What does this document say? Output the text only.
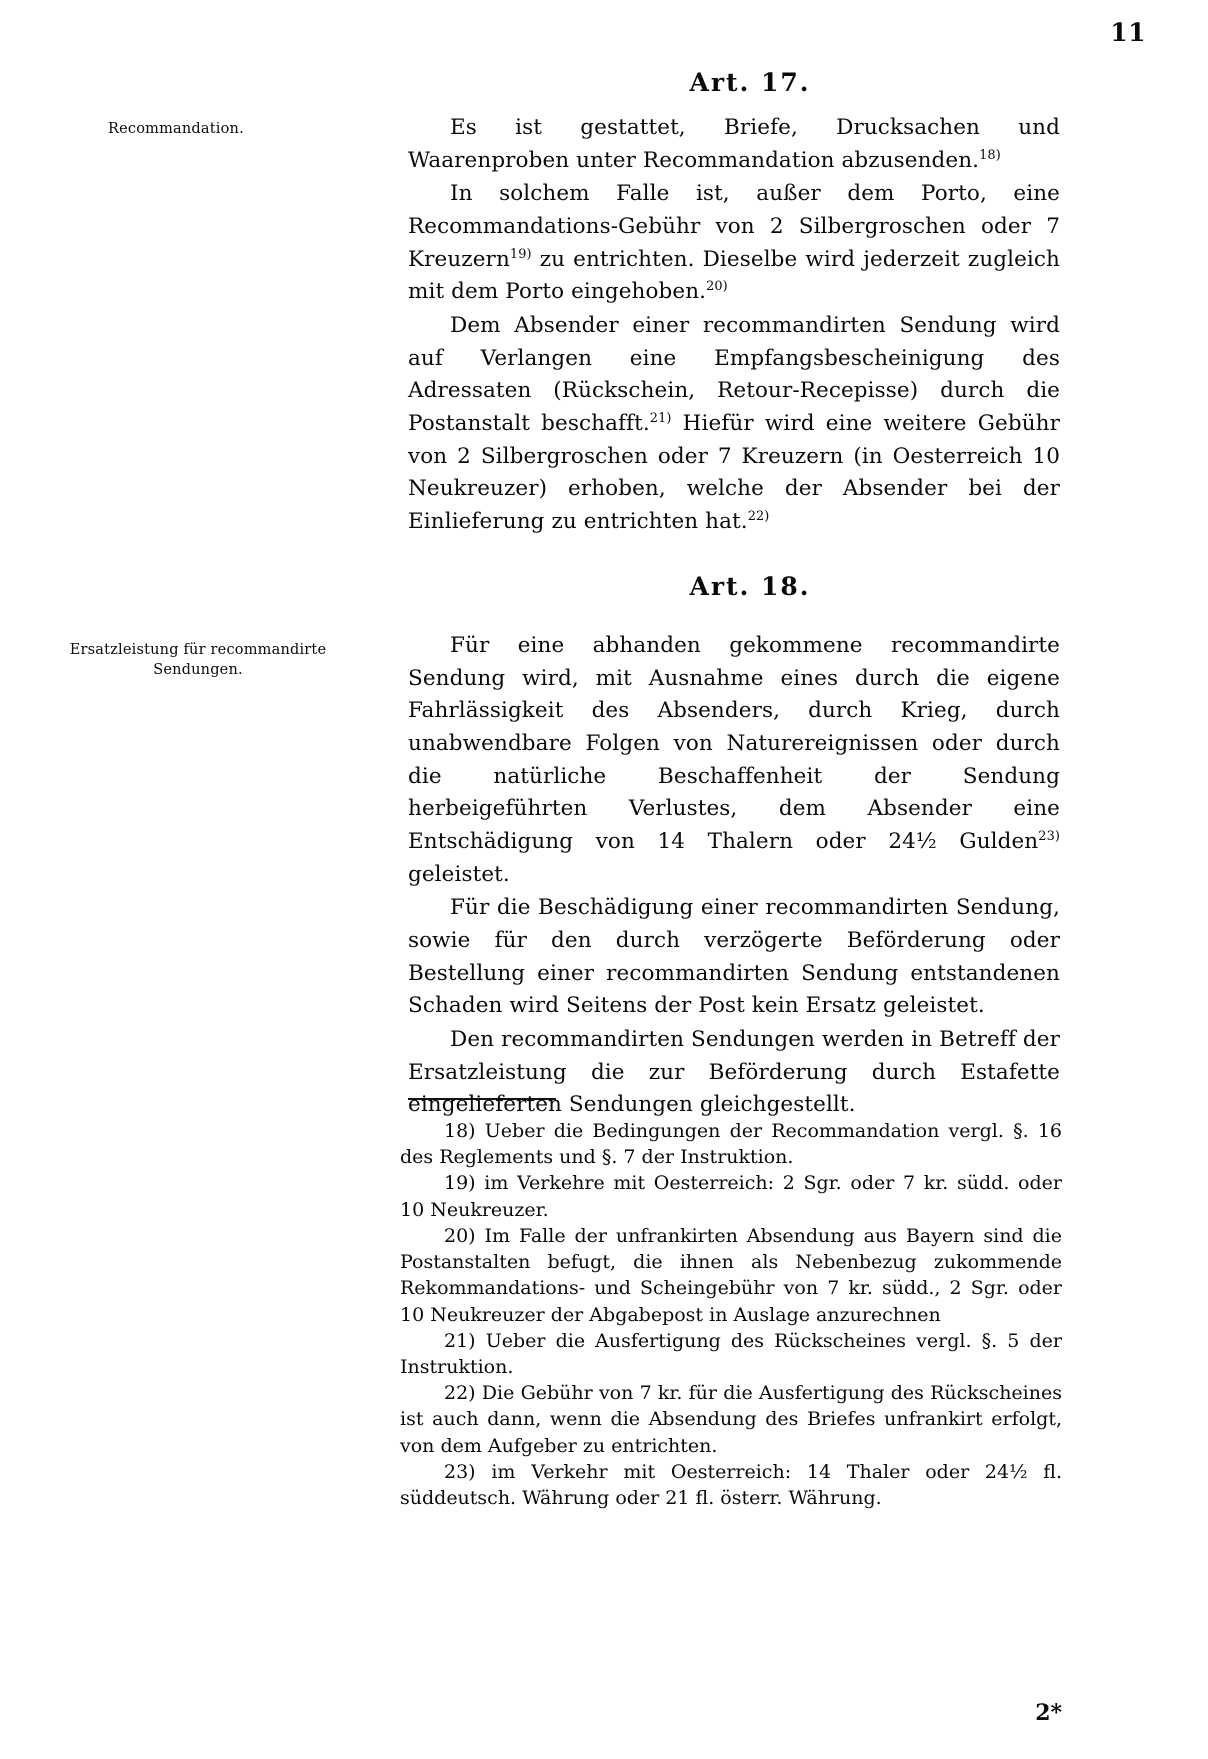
11
Art. 17.
Recommandation.	Es ist gestattet, Briefe, Drucksachen und Waarenproben unter Recommandation abzusenden.$^{18)}$

In solchem Falle ist, außer dem Porto, eine Recommandations-Gebühr von 2 Silbergroschen oder 7 Kreuzern$^{19)}$ zu entrichten. Dieselbe wird jederzeit zugleich mit dem Porto eingehoben.$^{20)}$

Dem Absender einer recommandirten Sendung wird auf Verlangen eine Empfangsbescheinigung des Adressaten (Rückschein, Retour-Recepisse) durch die Postanstalt beschafft.$^{21)}$ Hiefür wird eine weitere Gebühr von 2 Silbergroschen oder 7 Kreuzern (in Oesterreich 10 Neukreuzer) erhoben, welche der Absender bei der Einlieferung zu entrichten hat.$^{22)}$

Art. 18.
Ersatzleistung für recommandirte Sendungen.

Für eine abhanden gekommene recommandirte Sendung wird, mit Ausnahme eines durch die eigene Fahrlässigkeit des Absenders, durch Krieg, durch unabwendbare Folgen von Naturereignissen oder durch die natürliche Beschaffenheit der Sendung herbeigeführten Verlustes, dem Absender eine Entschädigung von 14 Thalern oder 24½ Gulden$^{23)}$ geleistet.

Für die Beschädigung einer recommandirten Sendung, sowie für den durch verzögerte Beförderung oder Bestellung einer recommandirten Sendung entstandenen Schaden wird Seitens der Post kein Ersatz geleistet.

Den recommandirten Sendungen werden in Betreff der Ersatzleistung die zur Beförderung durch Estafette eingelieferten Sendungen gleichgestellt.

18) Ueber die Bedingungen der Recommandation vergl. §. 16 des Reglements und §. 7 der Instruktion.

19) im Verkehre mit Oesterreich: 2 Sgr. oder 7 kr. südd. oder 10 Neukreuzer.

20) Im Falle der unfrankirten Absendung aus Bayern sind die Postanstalten befugt, die ihnen als Nebenbezug zukommende Rekommandations- und Scheingebühr von 7 kr. südd., 2 Sgr. oder 10 Neukreuzer der Abgabepost in Auslage anzurechnen

21) Ueber die Ausfertigung des Rückscheines vergl. §. 5 der Instruktion.

22) Die Gebühr von 7 kr. für die Ausfertigung des Rückscheines ist auch dann, wenn die Absendung des Briefes unfrankirt erfolgt, von dem Aufgeber zu entrichten.

23) im Verkehr mit Oesterreich: 14 Thaler oder 24½ fl. süddeutsch. Währung oder 21 fl. österr. Währung.

2*
